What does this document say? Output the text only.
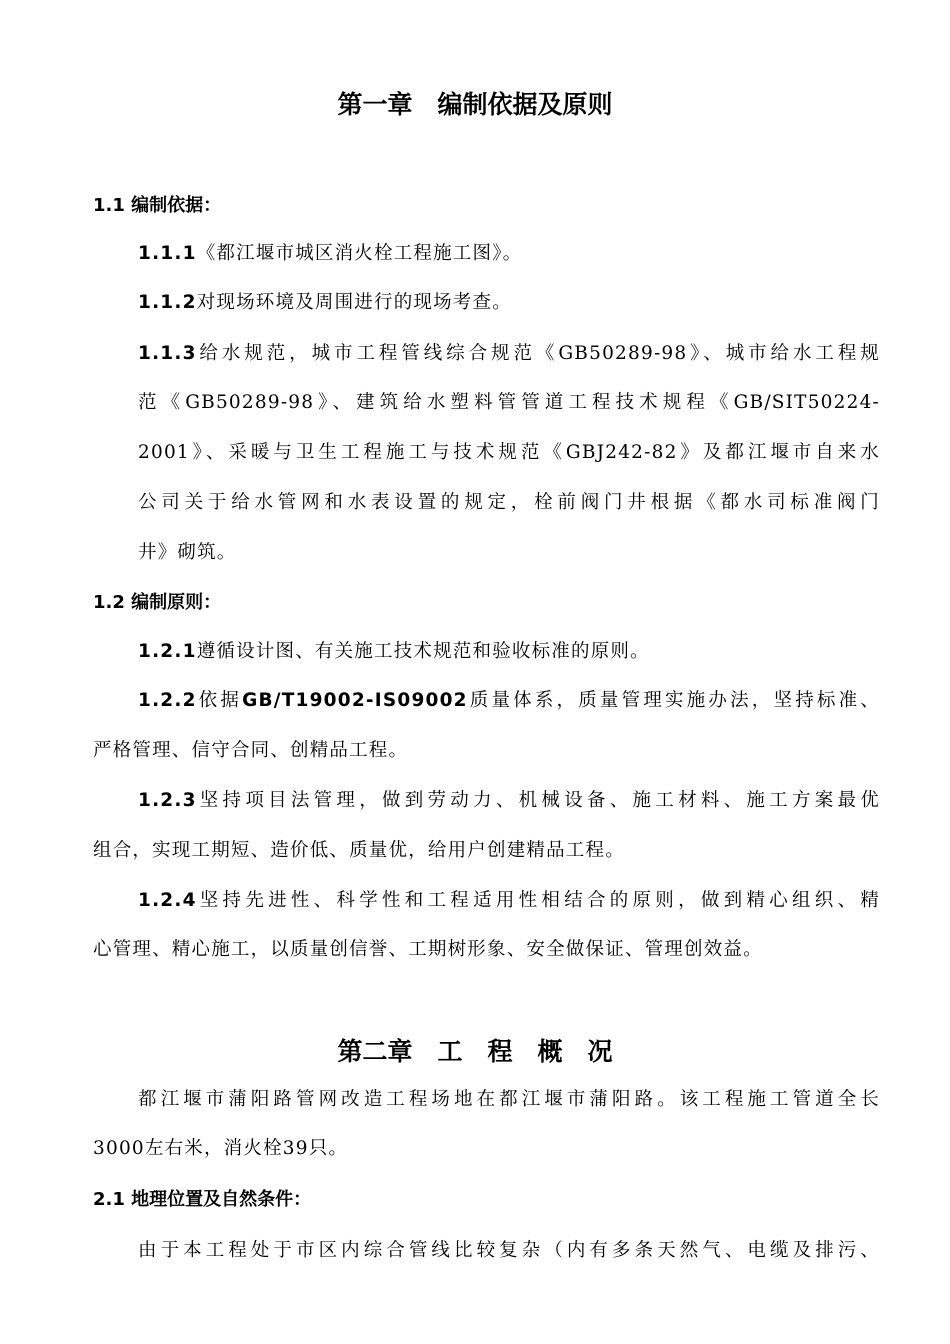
第一章　编制依据及原则
1.1 编制依据：
1.1.1《都江堰市城区消火栓工程施工图》。
1.1.2对现场环境及周围进行的现场考查。
1.1.3给水规范，城市工程管线综合规范《GB50289-98》、城市给水工程规
范《GB50289-98》、建筑给水塑料管管道工程技术规程《GB/SIT50224-
2001》、采暖与卫生工程施工与技术规范《GBJ242-82》及都江堰市自来水
公司关于给水管网和水表设置的规定，栓前阀门井根据《都水司标准阀门
井》砌筑。
1.2 编制原则：
1.2.1遵循设计图、有关施工技术规范和验收标准的原则。
1.2.2依据GB/T19002-IS09002质量体系，质量管理实施办法，坚持标准、
严格管理、信守合同、创精品工程。
1.2.3坚持项目法管理，做到劳动力、机械设备、施工材料、施工方案最优
组合，实现工期短、造价低、质量优，给用户创建精品工程。
1.2.4坚持先进性、科学性和工程适用性相结合的原则，做到精心组织、精
心管理、精心施工，以质量创信誉、工期树形象、安全做保证、管理创效益。
第二章　工　程　概　况
都江堰市蒲阳路管网改造工程场地在都江堰市蒲阳路。该工程施工管道全长
3000左右米，消火栓39只。
2.1 地理位置及自然条件：
由于本工程处于市区内综合管线比较复杂（内有多条天然气、电缆及排污、
